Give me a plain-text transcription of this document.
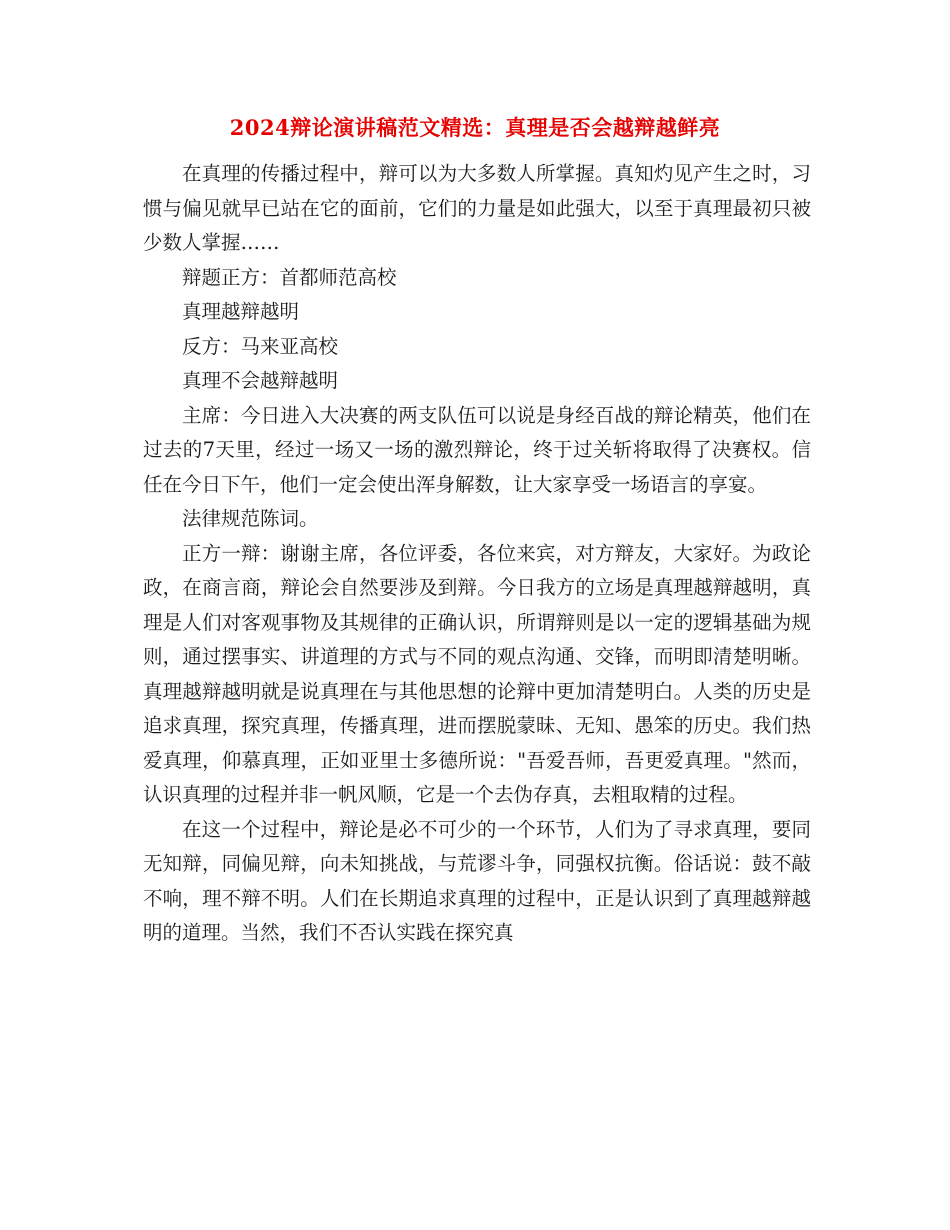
2024辩论演讲稿范文精选：真理是否会越辩越鲜亮

在真理的传播过程中，辩可以为大多数人所掌握。真知灼见产生之时，习惯与偏见就早已站在它的面前，它们的力量是如此强大，以至于真理最初只被少数人掌握……

辩题正方：首都师范高校

真理越辩越明

反方：马来亚高校

真理不会越辩越明

主席：今日进入大决赛的两支队伍可以说是身经百战的辩论精英，他们在过去的7天里，经过一场又一场的激烈辩论，终于过关斩将取得了决赛权。信任在今日下午，他们一定会使出浑身解数，让大家享受一场语言的享宴。

法律规范陈词。

正方一辩：谢谢主席，各位评委，各位来宾，对方辩友，大家好。为政论政，在商言商，辩论会自然要涉及到辩。今日我方的立场是真理越辩越明，真理是人们对客观事物及其规律的正确认识，所谓辩则是以一定的逻辑基础为规则，通过摆事实、讲道理的方式与不同的观点沟通、交锋，而明即清楚明晰。真理越辩越明就是说真理在与其他思想的论辩中更加清楚明白。人类的历史是追求真理，探究真理，传播真理，进而摆脱蒙昧、无知、愚笨的历史。我们热爱真理，仰慕真理，正如亚里士多德所说："吾爱吾师，吾更爱真理。"然而，认识真理的过程并非一帆风顺，它是一个去伪存真，去粗取精的过程。

在这一个过程中，辩论是必不可少的一个环节，人们为了寻求真理，要同无知辩，同偏见辩，向未知挑战，与荒谬斗争，同强权抗衡。俗话说：鼓不敲不响，理不辩不明。人们在长期追求真理的过程中，正是认识到了真理越辩越明的道理。当然，我们不否认实践在探究真
